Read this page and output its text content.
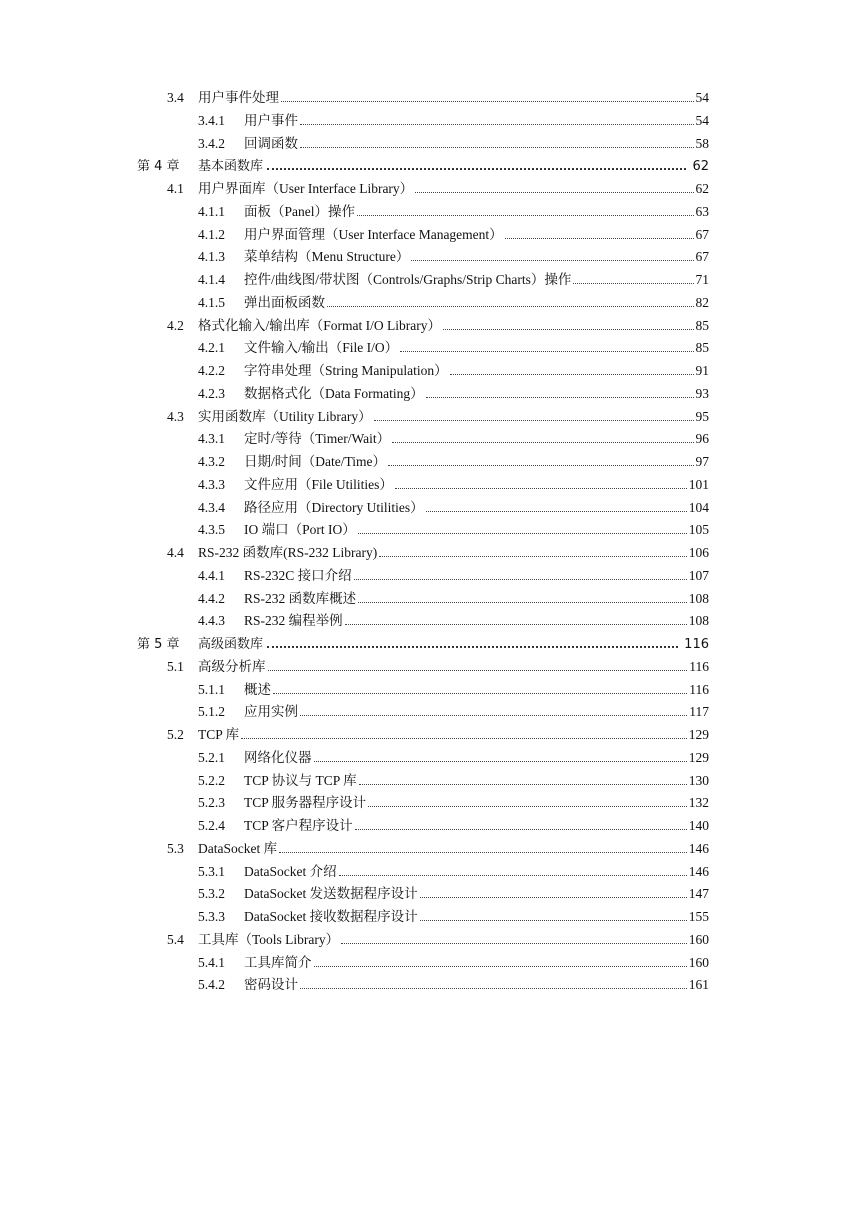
3.4	用户事件处理	54
3.4.1	用户事件	54
3.4.2	回调函数	58
第 4 章	基本函数库	62
4.1	用户界面库（User Interface Library）	62
4.1.1	面板（Panel）操作	63
4.1.2	用户界面管理（User Interface Management）	67
4.1.3	菜单结构（Menu Structure）	67
4.1.4	控件/曲线图/带状图（Controls/Graphs/Strip Charts）操作	71
4.1.5	弹出面板函数	82
4.2	格式化输入/输出库（Format I/O Library）	85
4.2.1	文件输入/输出（File I/O）	85
4.2.2	字符串处理（String Manipulation）	91
4.2.3	数据格式化（Data Formating）	93
4.3	实用函数库（Utility Library）	95
4.3.1	定时/等待（Timer/Wait）	96
4.3.2	日期/时间（Date/Time）	97
4.3.3	文件应用（File Utilities）	101
4.3.4	路径应用（Directory Utilities）	104
4.3.5	IO 端口（Port IO）	105
4.4	RS-232 函数库(RS-232 Library)	106
4.4.1	RS-232C 接口介绍	107
4.4.2	RS-232 函数库概述	108
4.4.3	RS-232 编程举例	108
第 5 章	高级函数库	116
5.1	高级分析库	116
5.1.1	概述	116
5.1.2	应用实例	117
5.2	TCP 库	129
5.2.1	网络化仪器	129
5.2.2	TCP 协议与 TCP 库	130
5.2.3	TCP 服务器程序设计	132
5.2.4	TCP 客户程序设计	140
5.3	DataSocket 库	146
5.3.1	DataSocket 介绍	146
5.3.2	DataSocket 发送数据程序设计	147
5.3.3	DataSocket 接收数据程序设计	155
5.4	工具库（Tools Library）	160
5.4.1	工具库简介	160
5.4.2	密码设计	161
